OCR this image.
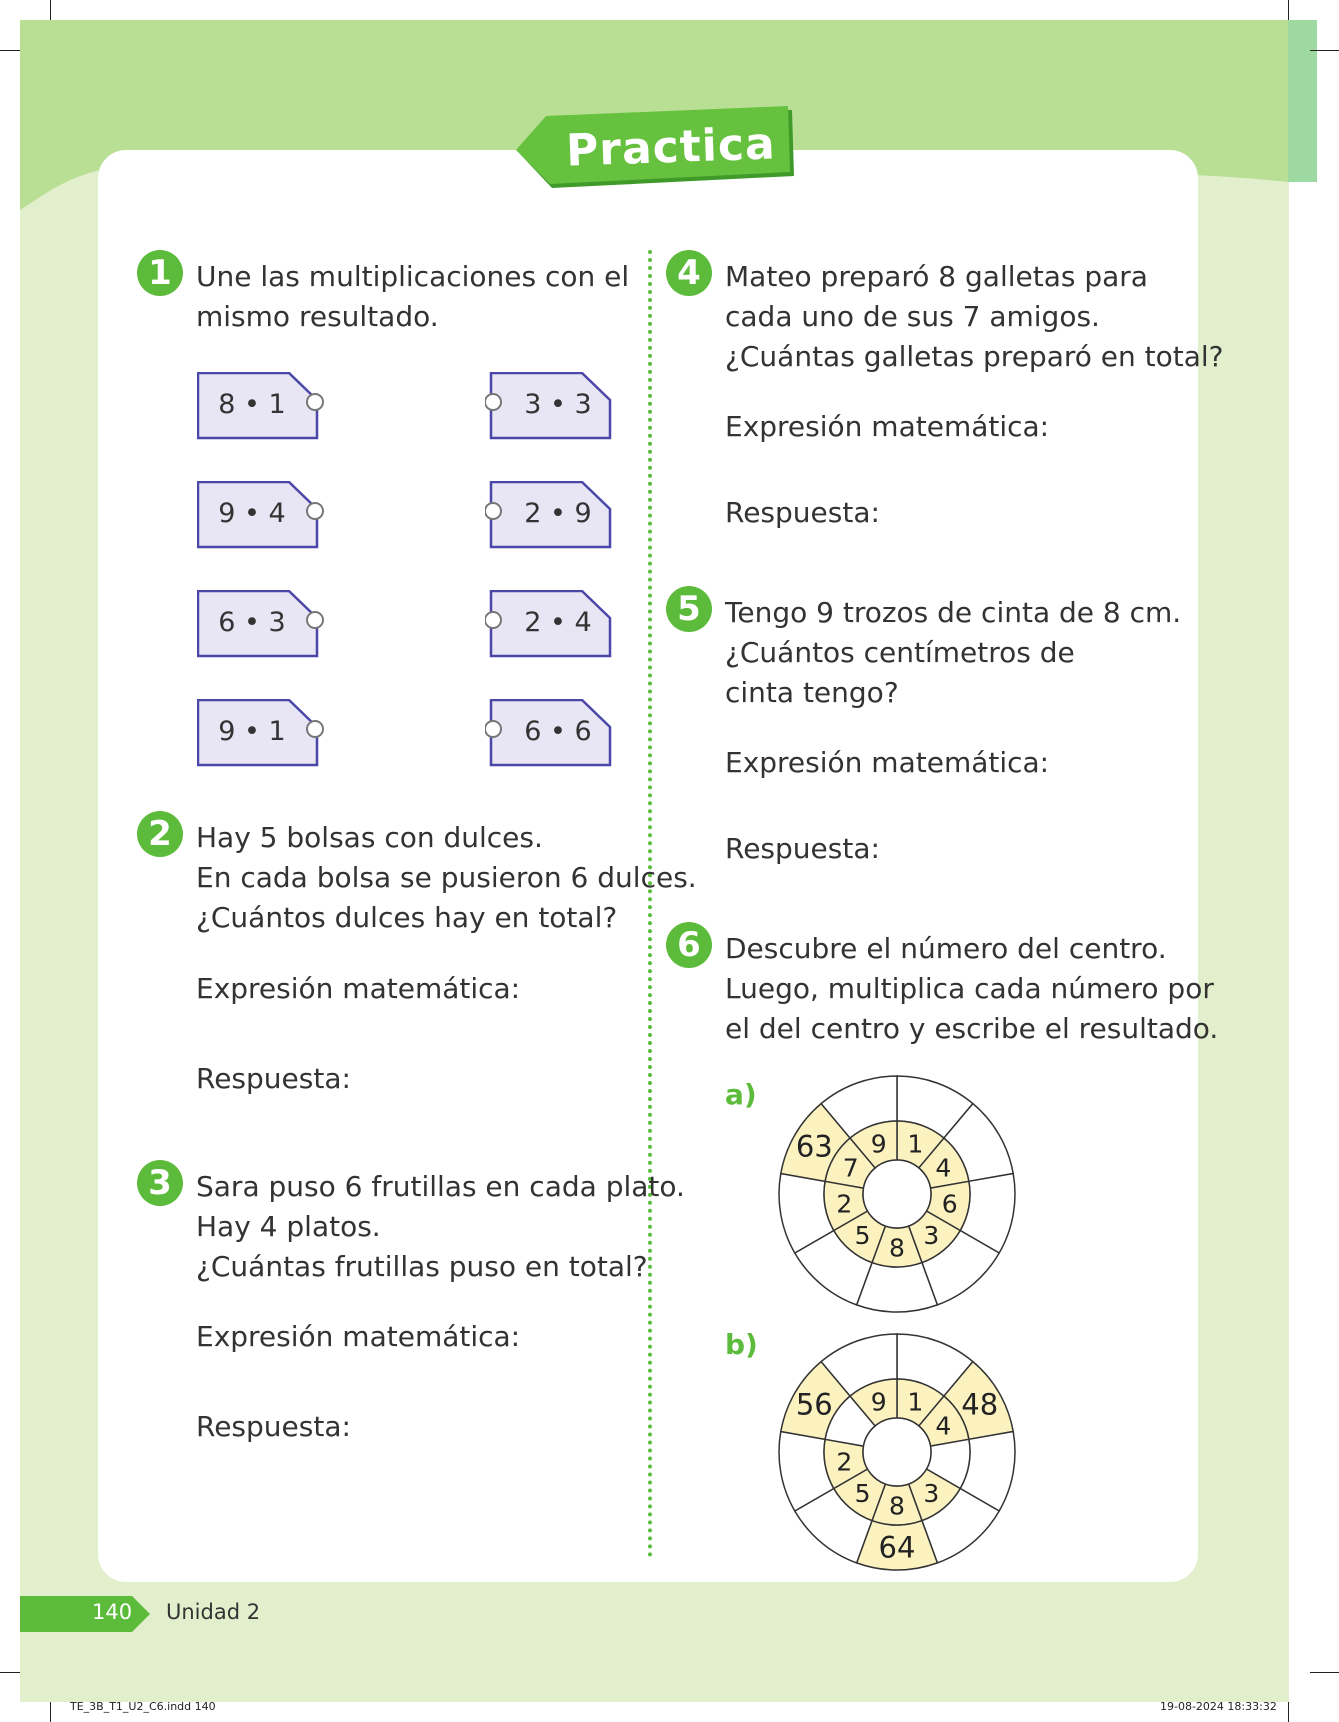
Practica
1 Une las multiplicaciones con el
mismo resultado.
2 Hay 5 bolsas con dulces.
En cada bolsa se pusieron 6 dulces.
¿Cuántos dulces hay en total?
Expresión matemática:
Respuesta:
3 Sara puso 6 frutillas en cada plato.
Hay 4 platos.
¿Cuántas frutillas puso en total?
Expresión matemática:
Respuesta:
4 Mateo preparó 8 galletas para
cada uno de sus 7 amigos.
¿Cuántas galletas preparó en total?
Expresión matemática:
Respuesta:
5 Tengo 9 trozos de cinta de 8 cm.
¿Cuántos centímetros de
cinta tengo?
Expresión matemática:
Respuesta:
6 Descubre el número del centro.
Luego, multiplica cada número por
el del centro y escribe el resultado.
a)
b)
1
4
6
3
8
5
2
7
63 9
1
4
48
3
8
64
5
2
56 9
140 Unidad 2
TE_3B_T1_U2_C6.indd 140	19-08-2024 18:33:32
8 • 1
9 • 4
6 • 3
9 • 1
3 • 3
2 • 9
2 • 4
6 • 6
